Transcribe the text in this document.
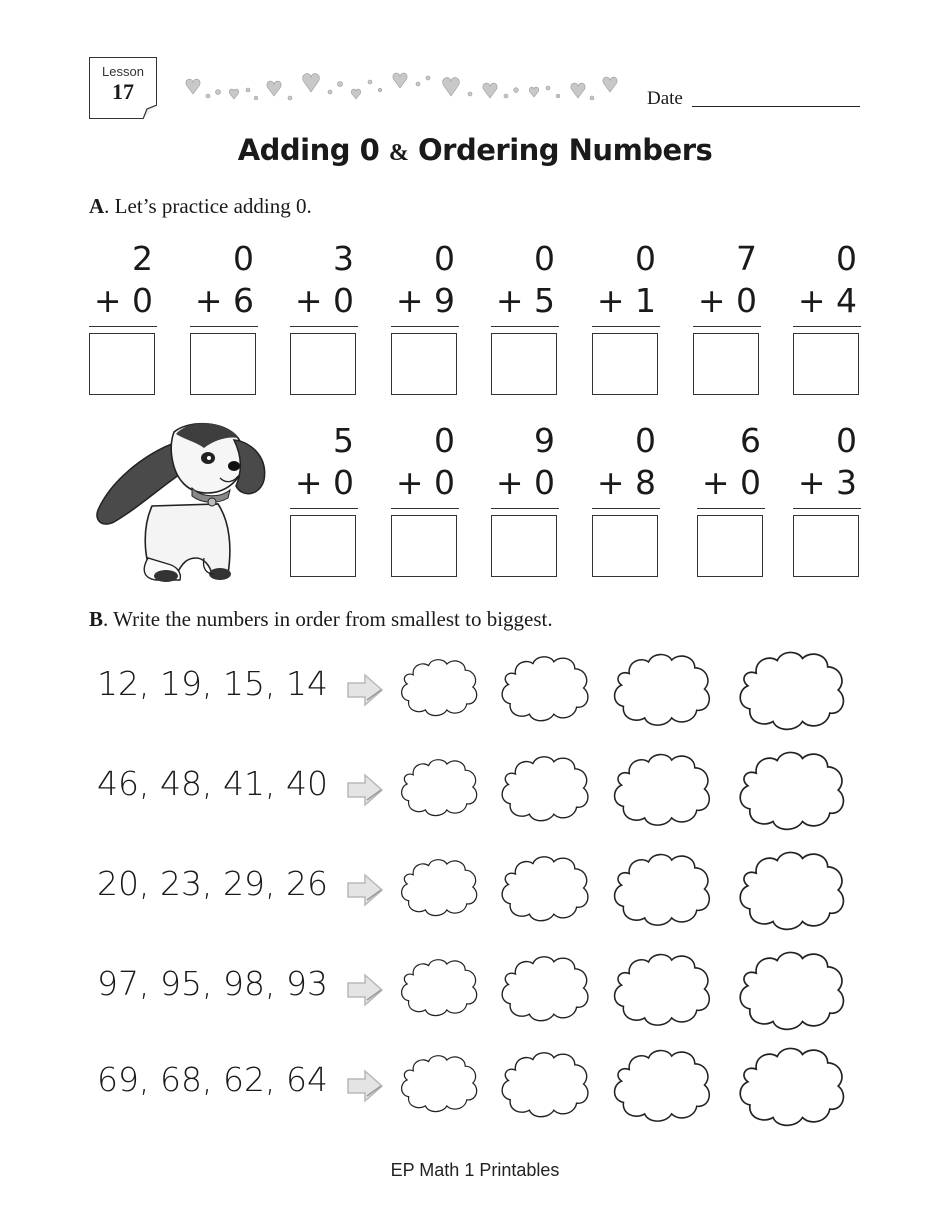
Lesson
17	Date
Adding 0 & Ordering Numbers
A. Let’s practice adding 0.
2
+ 0
0
+ 6
3
+ 0
0
+ 9
0
+ 5
0
+ 1
7
+ 0
0
+ 4
5
+ 0
0
+ 0
9
+ 0
0
+ 8
6
+ 0
0
+ 3
B. Write the numbers in order from smallest to biggest.
12, 19, 15, 14
46, 48, 41, 40
20, 23, 29, 26
97, 95, 98, 93
69, 68, 62, 64
EP Math 1 Printables
